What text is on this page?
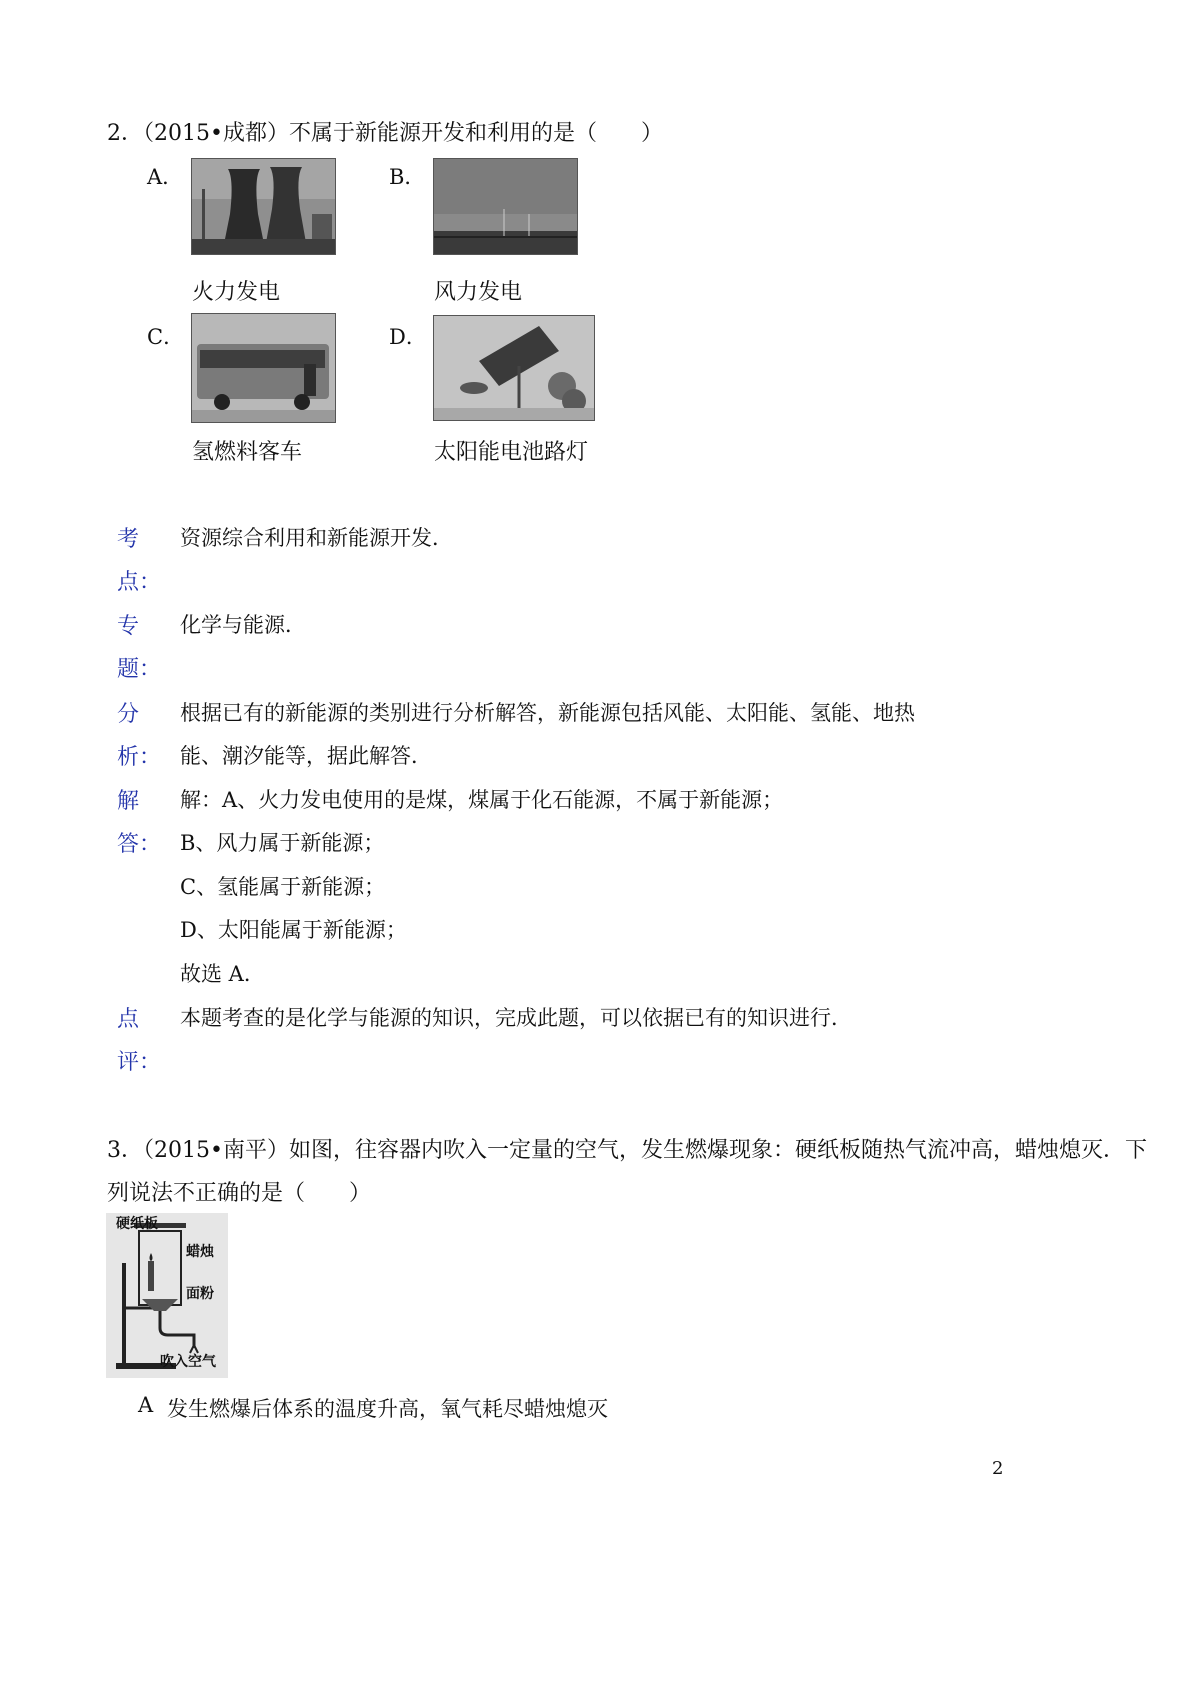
2．（2015•成都）不属于新能源开发和利用的是（　　）
A．
火力发电
B．
风力发电
C．
氢燃料客车
D．
太阳能电池路灯
考
点：
资源综合利用和新能源开发．
专
题：
化学与能源．
分
析：
根据已有的新能源的类别进行分析解答，新能源包括风能、太阳能、氢能、地热
能、潮汐能等，据此解答．
解
答：
解：A、火力发电使用的是煤，煤属于化石能源，不属于新能源；
B、风力属于新能源；
C、氢能属于新能源；
D、太阳能属于新能源；
故选 A．
点
评：
本题考查的是化学与能源的知识，完成此题，可以依据已有的知识进行．
3．（2015•南平）如图，往容器内吹入一定量的空气，发生燃爆现象：硬纸板随热气流冲高，蜡烛熄灭．下
列说法不正确的是（　　）
硬纸板
蜡烛
面粉
吹入空气
A 发生燃爆后体系的温度升高，氧气耗尽蜡烛熄灭
2
